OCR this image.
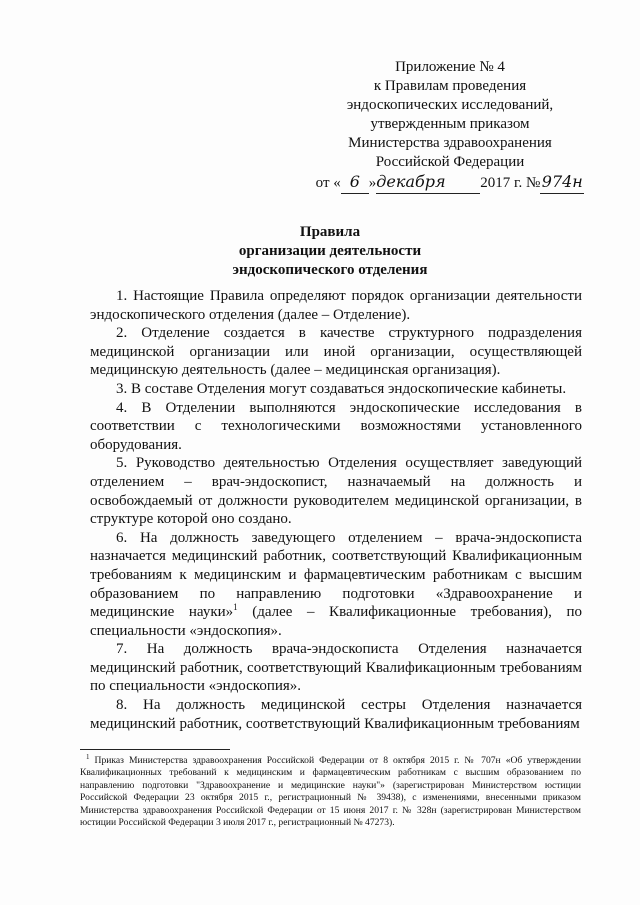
Приложение № 4
к Правилам проведения
эндоскопических исследований,
утвержденным приказом
Министерства здравоохранения
Российской Федерации
от « 6 »декабря 2017 г. №974н
Правила
организации деятельности
эндоскопического отделения

1. Настоящие Правила определяют порядок организации деятельности эндоскопического отделения (далее – Отделение).

2. Отделение создается в качестве структурного подразделения медицинской организации или иной организации, осуществляющей медицинскую деятельность (далее – медицинская организация).

3. В составе Отделения могут создаваться эндоскопические кабинеты.

4. В Отделении выполняются эндоскопические исследования в соответствии с технологическими возможностями установленного оборудования.

5. Руководство деятельностью Отделения осуществляет заведующий отделением – врач-эндоскопист, назначаемый на должность и освобождаемый от должности руководителем медицинской организации, в структуре которой оно создано.

6. На должность заведующего отделением – врача-эндоскописта назначается медицинский работник, соответствующий Квалификационным требованиям к медицинским и фармацевтическим работникам с высшим образованием по направлению подготовки «Здравоохранение и медицинские науки»$^1$ (далее – Квалификационные требования), по специальности «эндоскопия».

7. На должность врача-эндоскописта Отделения назначается медицинский работник, соответствующий Квалификационным требованиям по специальности «эндоскопия».

8. На должность медицинской сестры Отделения назначается медицинский работник, соответствующий Квалификационным требованиям

$^1$ Приказ Министерства здравоохранения Российской Федерации от 8 октября 2015 г. № 707н «Об утверждении Квалификационных требований к медицинским и фармацевтическим работникам с высшим образованием по направлению подготовки "Здравоохранение и медицинские науки"» (зарегистрирован Министерством юстиции Российской Федерации 23 октября 2015 г., регистрационный № 39438), с изменениями, внесенными приказом Министерства здравоохранения Российской Федерации от 15 июня 2017 г. № 328н (зарегистрирован Министерством юстиции Российской Федерации 3 июля 2017 г., регистрационный № 47273).
